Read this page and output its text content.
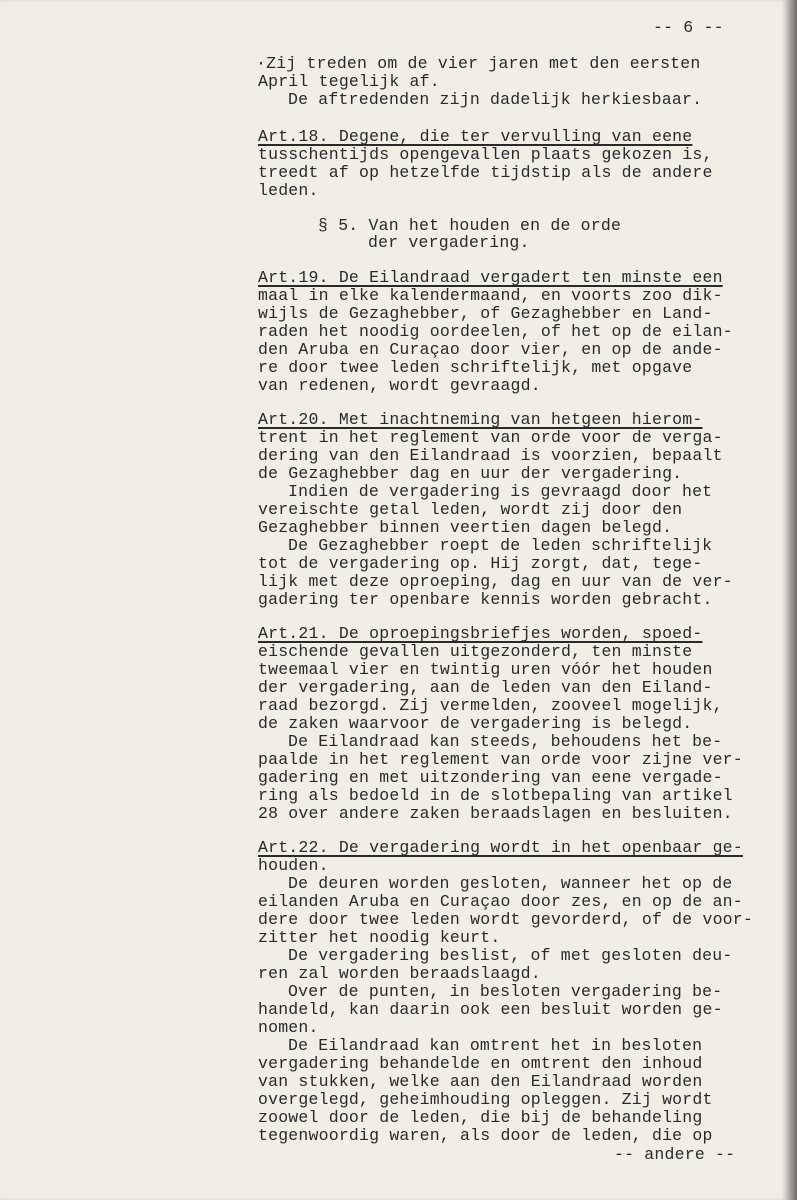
-- 6 --
·Zij treden om de vier jaren met den eersten
April tegelijk af.
De aftredenden zijn dadelijk herkiesbaar.
Art.18. Degene, die ter vervulling van eene
tusschentijds opengevallen plaats gekozen is,
treedt af op hetzelfde tijdstip als de andere
leden.
§ 5. Van het houden en de orde
der vergadering.
Art.19. De Eilandraad vergadert ten minste een
maal in elke kalendermaand, en voorts zoo dik-
wijls de Gezaghebber, of Gezaghebber en Land-
raden het noodig oordeelen, of het op de eilan-
den Aruba en Curaçao door vier, en op de ande-
re door twee leden schriftelijk, met opgave
van redenen, wordt gevraagd.
Art.20. Met inachtneming van hetgeen hierom-
trent in het reglement van orde voor de verga-
dering van den Eilandraad is voorzien, bepaalt
de Gezaghebber dag en uur der vergadering.
Indien de vergadering is gevraagd door het
vereischte getal leden, wordt zij door den
Gezaghebber binnen veertien dagen belegd.
De Gezaghebber roept de leden schriftelijk
tot de vergadering op. Hij zorgt, dat, tege-
lijk met deze oproeping, dag en uur van de ver-
gadering ter openbare kennis worden gebracht.
Art.21. De oproepingsbriefjes worden, spoed-
eischende gevallen uitgezonderd, ten minste
tweemaal vier en twintig uren vóór het houden
der vergadering, aan de leden van den Eiland-
raad bezorgd. Zij vermelden, zooveel mogelijk,
de zaken waarvoor de vergadering is belegd.
De Eilandraad kan steeds, behoudens het be-
paalde in het reglement van orde voor zijne ver-
gadering en met uitzondering van eene vergade-
ring als bedoeld in de slotbepaling van artikel
28 over andere zaken beraadslagen en besluiten.
Art.22. De vergadering wordt in het openbaar ge-
houden.
De deuren worden gesloten, wanneer het op de
eilanden Aruba en Curaçao door zes, en op de an-
dere door twee leden wordt gevorderd, of de voor-
zitter het noodig keurt.
De vergadering beslist, of met gesloten deu-
ren zal worden beraadslaagd.
Over de punten, in besloten vergadering be-
handeld, kan daarin ook een besluit worden ge-
nomen.
De Eilandraad kan omtrent het in besloten
vergadering behandelde en omtrent den inhoud
van stukken, welke aan den Eilandraad worden
overgelegd, geheimhouding opleggen. Zij wordt
zoowel door de leden, die bij de behandeling
tegenwoordig waren, als door de leden, die op
-- andere --
